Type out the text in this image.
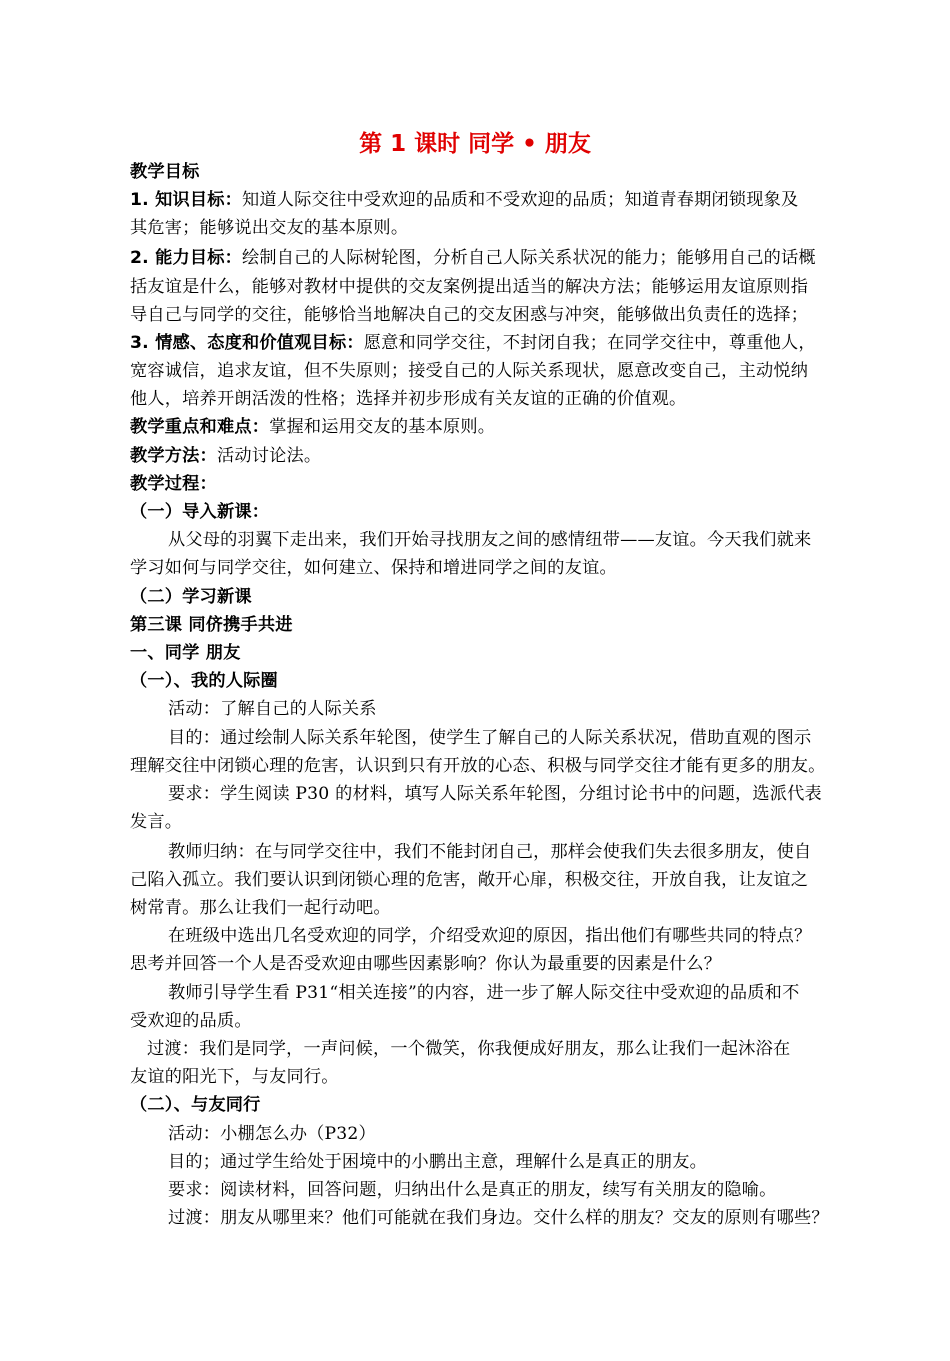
第 1 课时 同学 • 朋友
教学目标
1. 知识目标：知道人际交往中受欢迎的品质和不受欢迎的品质；知道青春期闭锁现象及
其危害；能够说出交友的基本原则。
2. 能力目标：绘制自己的人际树轮图，分析自己人际关系状况的能力；能够用自己的话概
括友谊是什么，能够对教材中提供的交友案例提出适当的解决方法；能够运用友谊原则指
导自己与同学的交往，能够恰当地解决自己的交友困惑与冲突，能够做出负责任的选择；
3. 情感、态度和价值观目标：愿意和同学交往，不封闭自我；在同学交往中，尊重他人，
宽容诚信，追求友谊，但不失原则；接受自己的人际关系现状，愿意改变自己，主动悦纳
他人，培养开朗活泼的性格；选择并初步形成有关友谊的正确的价值观。
教学重点和难点：掌握和运用交友的基本原则。
教学方法：活动讨论法。
教学过程：
（一）导入新课：
从父母的羽翼下走出来，我们开始寻找朋友之间的感情纽带——友谊。今天我们就来
学习如何与同学交往，如何建立、保持和增进同学之间的友谊。
（二）学习新课
第三课 同侪携手共进
一、同学 朋友
（一）、我的人际圈
活动：了解自己的人际关系
目的：通过绘制人际关系年轮图，使学生了解自己的人际关系状况，借助直观的图示
理解交往中闭锁心理的危害，认识到只有开放的心态、积极与同学交往才能有更多的朋友。
要求：学生阅读 P30 的材料，填写人际关系年轮图，分组讨论书中的问题，选派代表
发言。
教师归纳：在与同学交往中，我们不能封闭自己，那样会使我们失去很多朋友，使自
己陷入孤立。我们要认识到闭锁心理的危害，敞开心扉，积极交往，开放自我，让友谊之
树常青。那么让我们一起行动吧。
在班级中选出几名受欢迎的同学，介绍受欢迎的原因，指出他们有哪些共同的特点？
思考并回答一个人是否受欢迎由哪些因素影响？你认为最重要的因素是什么？
教师引导学生看 P31“相关连接”的内容，进一步了解人际交往中受欢迎的品质和不
受欢迎的品质。
过渡：我们是同学，一声问候，一个微笑，你我便成好朋友，那么让我们一起沐浴在
友谊的阳光下，与友同行。
（二）、与友同行
活动：小棚怎么办（P32）
目的；通过学生给处于困境中的小鹏出主意，理解什么是真正的朋友。
要求：阅读材料，回答问题，归纳出什么是真正的朋友，续写有关朋友的隐喻。
过渡：朋友从哪里来？他们可能就在我们身边。交什么样的朋友？交友的原则有哪些？
